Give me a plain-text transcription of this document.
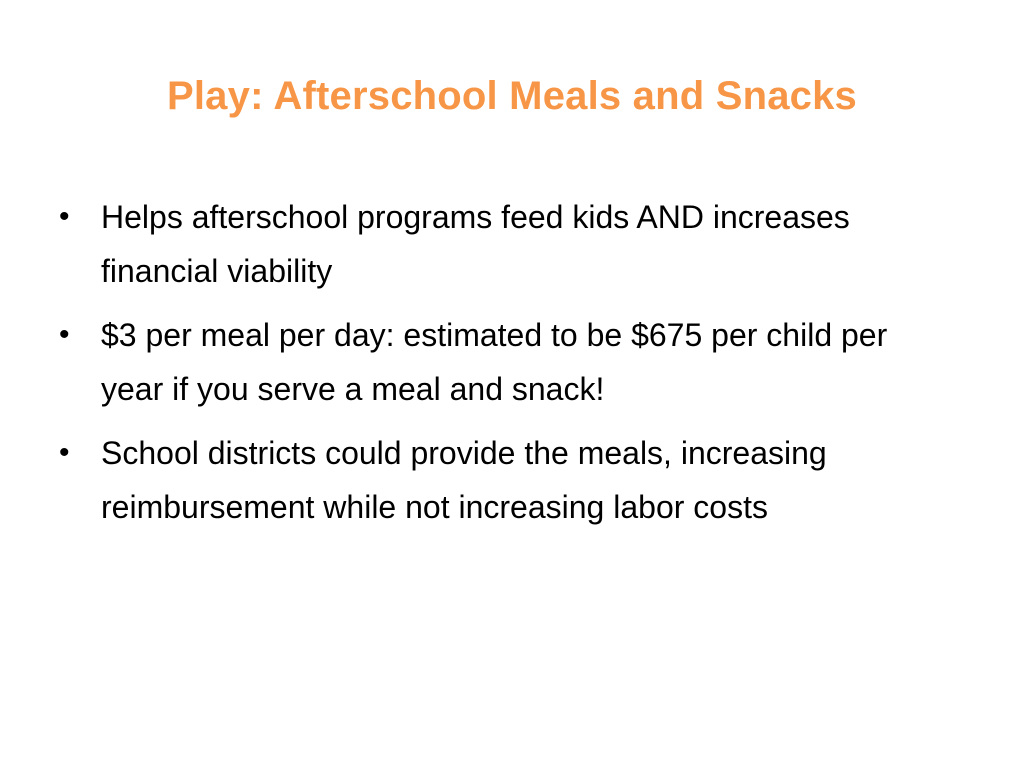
Play: Afterschool Meals and Snacks
• Helps afterschool programs feed kids AND increases financial viability
• $3 per meal per day: estimated to be $675 per child per year if you serve a meal and snack!
• School districts could provide the meals, increasing reimbursement while not increasing labor costs
